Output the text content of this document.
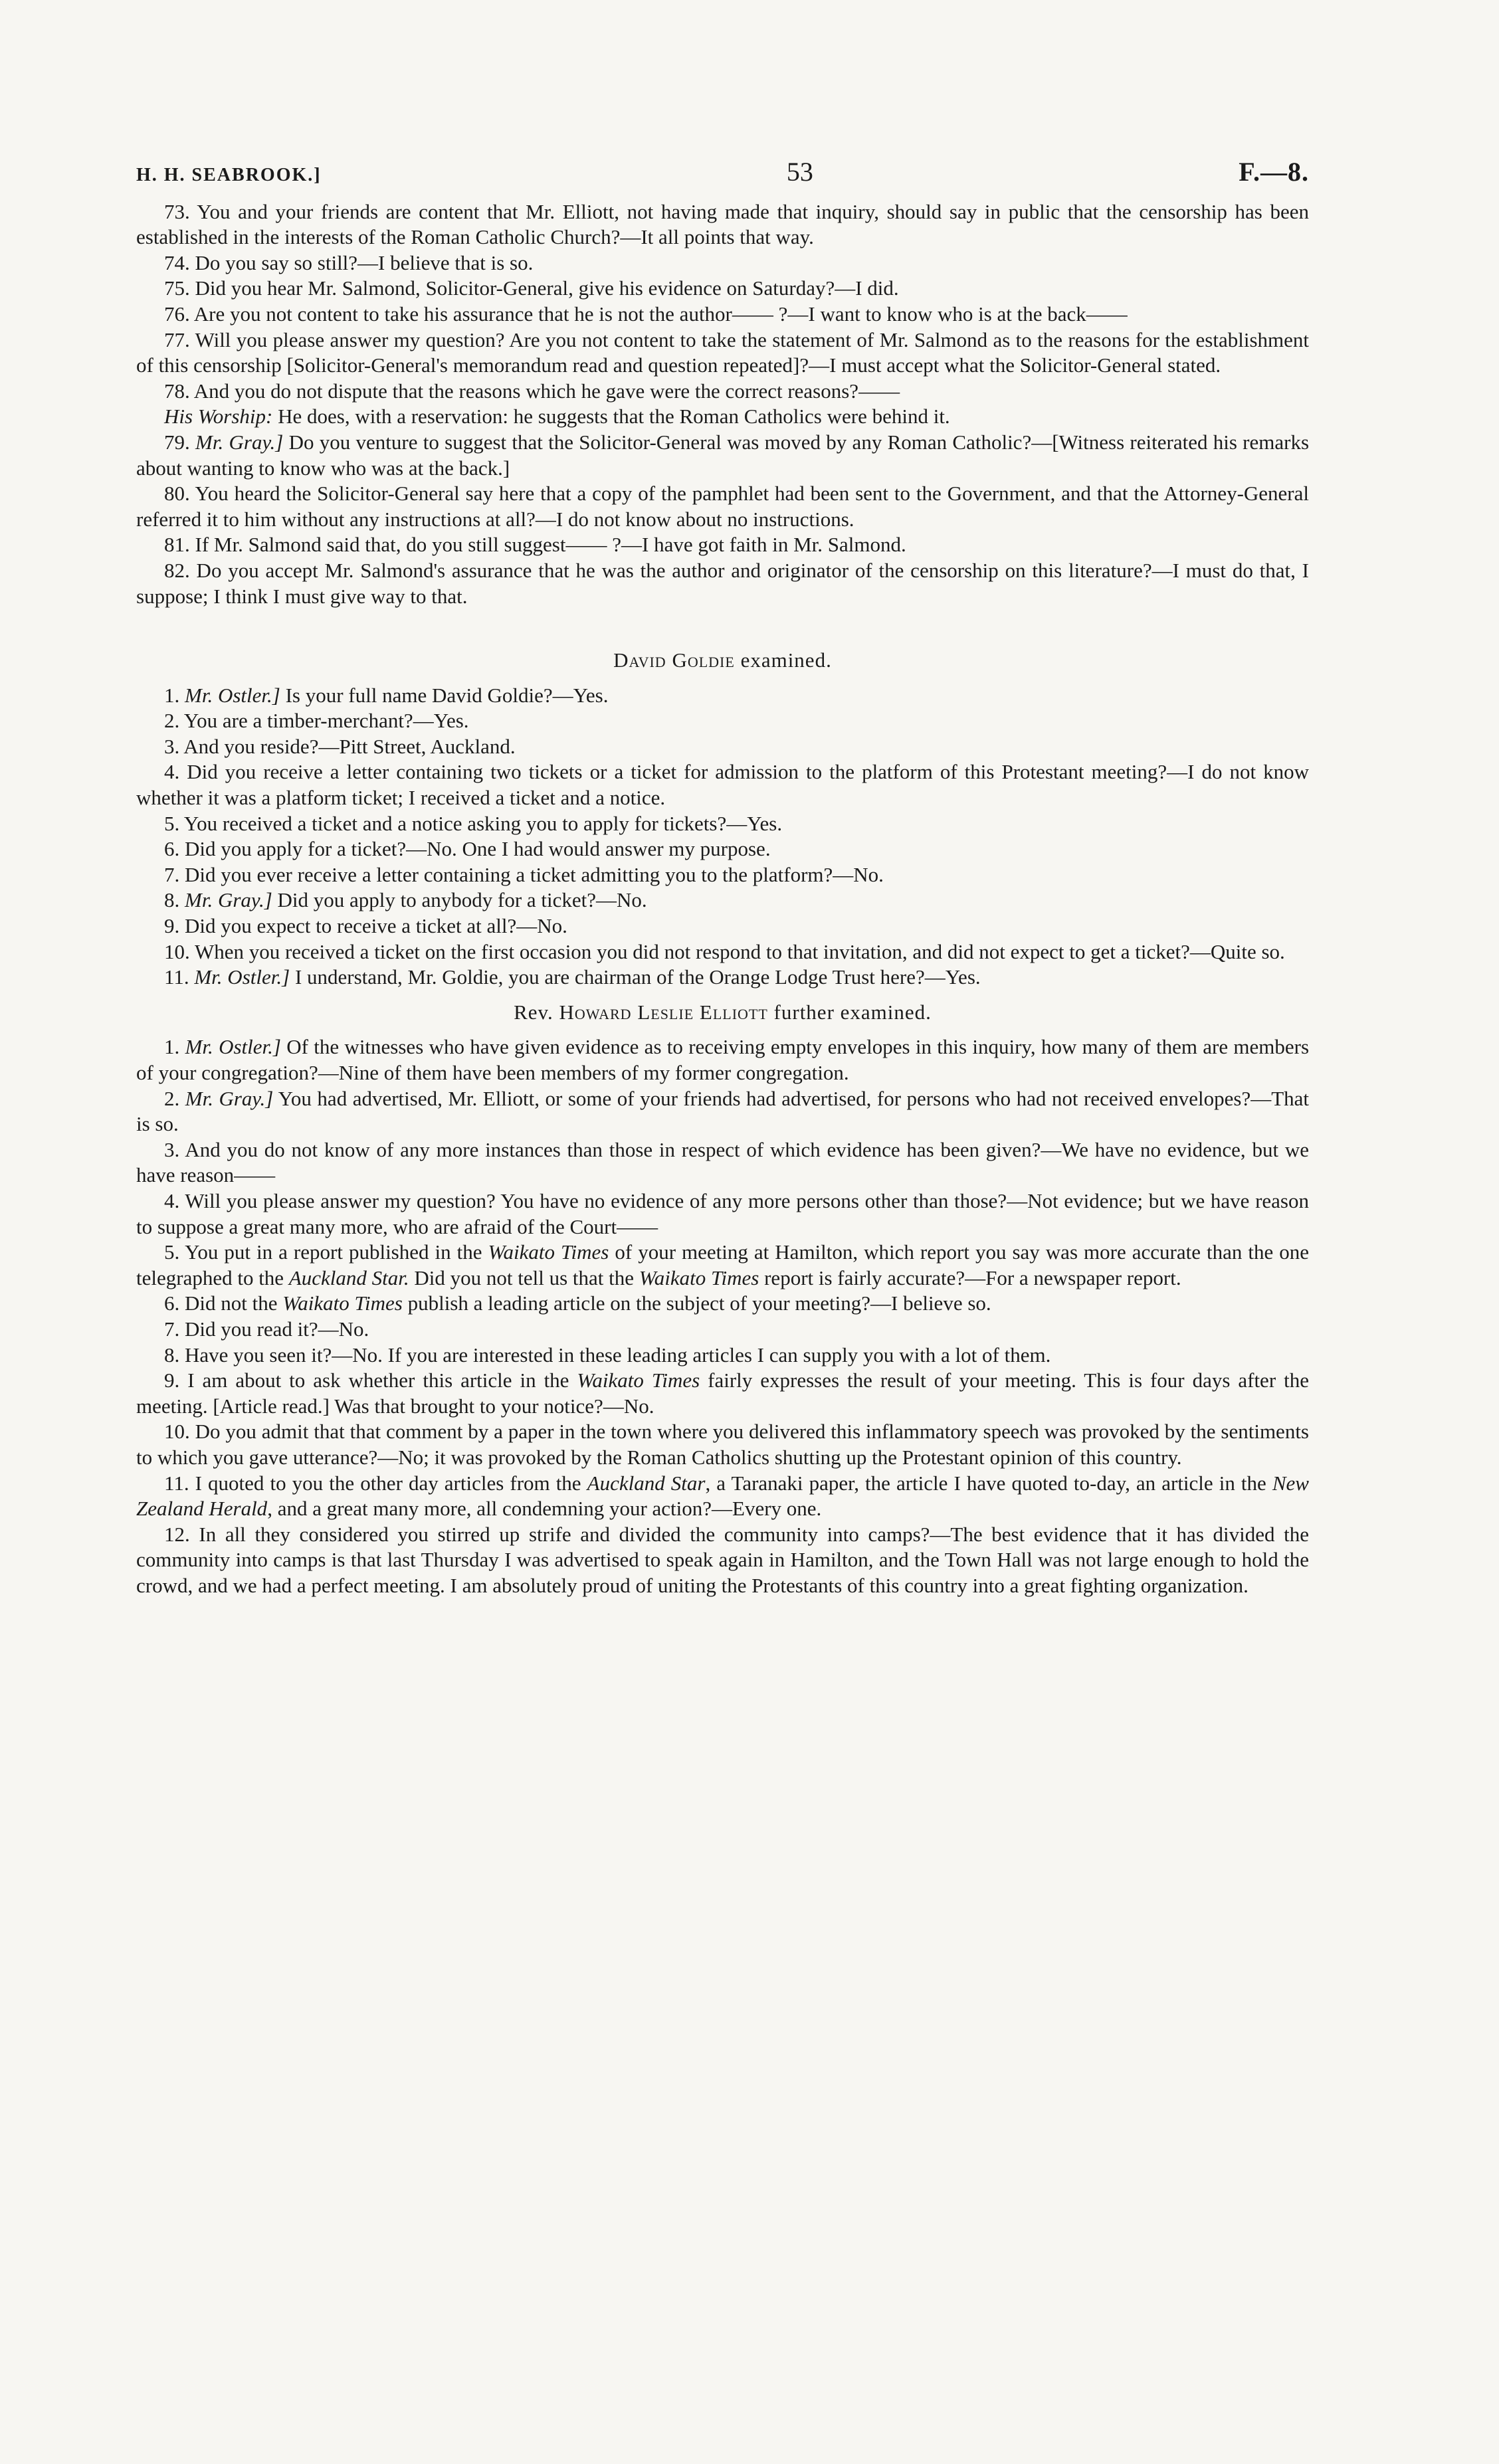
H. H. SEABROOK.]	53	F.—8.

73. You and your friends are content that Mr. Elliott, not having made that inquiry, should say in public that the censorship has been established in the interests of the Roman Catholic Church?—It all points that way.

74. Do you say so still?—I believe that is so.

75. Did you hear Mr. Salmond, Solicitor-General, give his evidence on Saturday?—I did.

76. Are you not content to take his assurance that he is not the author—— ?—I want to know who is at the back——

77. Will you please answer my question? Are you not content to take the statement of Mr. Salmond as to the reasons for the establishment of this censorship [Solicitor-General's memorandum read and question repeated]?—I must accept what the Solicitor-General stated.

78. And you do not dispute that the reasons which he gave were the correct reasons?——

His Worship: He does, with a reservation: he suggests that the Roman Catholics were behind it.

79. Mr. Gray.] Do you venture to suggest that the Solicitor-General was moved by any Roman Catholic?—[Witness reiterated his remarks about wanting to know who was at the back.]

80. You heard the Solicitor-General say here that a copy of the pamphlet had been sent to the Government, and that the Attorney-General referred it to him without any instructions at all?—I do not know about no instructions.

81. If Mr. Salmond said that, do you still suggest—— ?—I have got faith in Mr. Salmond.

82. Do you accept Mr. Salmond's assurance that he was the author and originator of the censorship on this literature?—I must do that, I suppose; I think I must give way to that.

David Goldie examined.

1. Mr. Ostler.] Is your full name David Goldie?—Yes.

2. You are a timber-merchant?—Yes.

3. And you reside?—Pitt Street, Auckland.

4. Did you receive a letter containing two tickets or a ticket for admission to the platform of this Protestant meeting?—I do not know whether it was a platform ticket; I received a ticket and a notice.

5. You received a ticket and a notice asking you to apply for tickets?—Yes.

6. Did you apply for a ticket?—No. One I had would answer my purpose.

7. Did you ever receive a letter containing a ticket admitting you to the platform?—No.

8. Mr. Gray.] Did you apply to anybody for a ticket?—No.

9. Did you expect to receive a ticket at all?—No.

10. When you received a ticket on the first occasion you did not respond to that invitation, and did not expect to get a ticket?—Quite so.

11. Mr. Ostler.] I understand, Mr. Goldie, you are chairman of the Orange Lodge Trust here?—Yes.

Rev. Howard Leslie Elliott further examined.

1. Mr. Ostler.] Of the witnesses who have given evidence as to receiving empty envelopes in this inquiry, how many of them are members of your congregation?—Nine of them have been members of my former congregation.

2. Mr. Gray.] You had advertised, Mr. Elliott, or some of your friends had advertised, for persons who had not received envelopes?—That is so.

3. And you do not know of any more instances than those in respect of which evidence has been given?—We have no evidence, but we have reason——

4. Will you please answer my question? You have no evidence of any more persons other than those?—Not evidence; but we have reason to suppose a great many more, who are afraid of the Court——

5. You put in a report published in the Waikato Times of your meeting at Hamilton, which report you say was more accurate than the one telegraphed to the Auckland Star. Did you not tell us that the Waikato Times report is fairly accurate?—For a newspaper report.

6. Did not the Waikato Times publish a leading article on the subject of your meeting?—I believe so.

7. Did you read it?—No.

8. Have you seen it?—No. If you are interested in these leading articles I can supply you with a lot of them.

9. I am about to ask whether this article in the Waikato Times fairly expresses the result of your meeting. This is four days after the meeting. [Article read.] Was that brought to your notice?—No.

10. Do you admit that that comment by a paper in the town where you delivered this inflammatory speech was provoked by the sentiments to which you gave utterance?—No; it was provoked by the Roman Catholics shutting up the Protestant opinion of this country.

11. I quoted to you the other day articles from the Auckland Star, a Taranaki paper, the article I have quoted to-day, an article in the New Zealand Herald, and a great many more, all condemning your action?—Every one.

12. In all they considered you stirred up strife and divided the community into camps?—The best evidence that it has divided the community into camps is that last Thursday I was advertised to speak again in Hamilton, and the Town Hall was not large enough to hold the crowd, and we had a perfect meeting. I am absolutely proud of uniting the Protestants of this country into a great fighting organization.
